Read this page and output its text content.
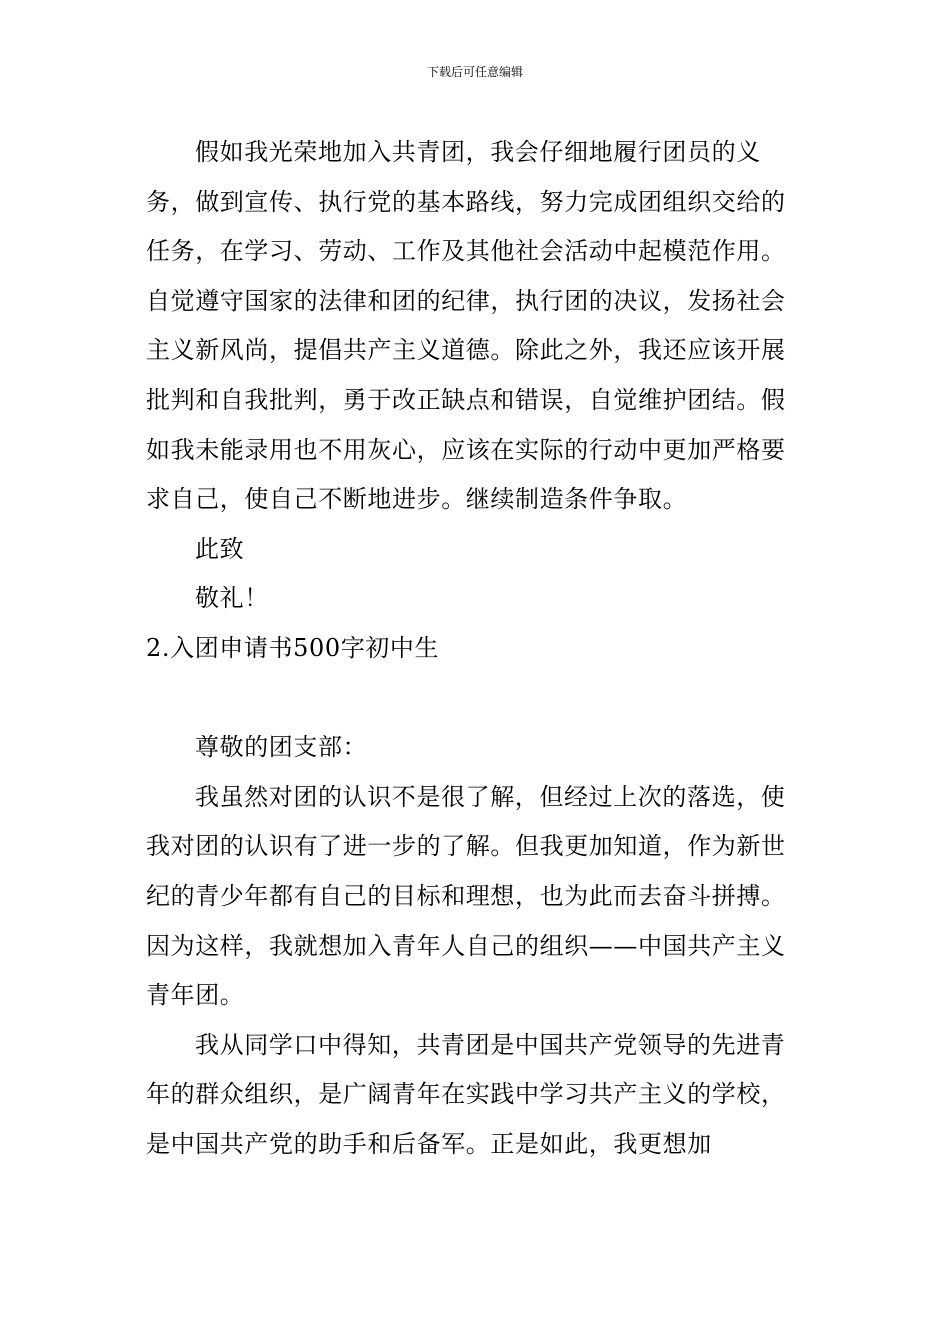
下载后可任意编辑

假如我光荣地加入共青团，我会仔细地履行团员的义务，做到宣传、执行党的基本路线，努力完成团组织交给的任务，在学习、劳动、工作及其他社会活动中起模范作用。自觉遵守国家的法律和团的纪律，执行团的决议，发扬社会主义新风尚，提倡共产主义道德。除此之外，我还应该开展批判和自我批判，勇于改正缺点和错误，自觉维护团结。假如我未能录用也不用灰心，应该在实际的行动中更加严格要求自己，使自己不断地进步。继续制造条件争取。

此致

敬礼！

2.入团申请书500字初中生

尊敬的团支部：

我虽然对团的认识不是很了解，但经过上次的落选，使我对团的认识有了进一步的了解。但我更加知道，作为新世纪的青少年都有自己的目标和理想，也为此而去奋斗拼搏。因为这样，我就想加入青年人自己的组织——中国共产主义青年团。

我从同学口中得知，共青团是中国共产党领导的先进青年的群众组织，是广阔青年在实践中学习共产主义的学校，是中国共产党的助手和后备军。正是如此，我更想加
